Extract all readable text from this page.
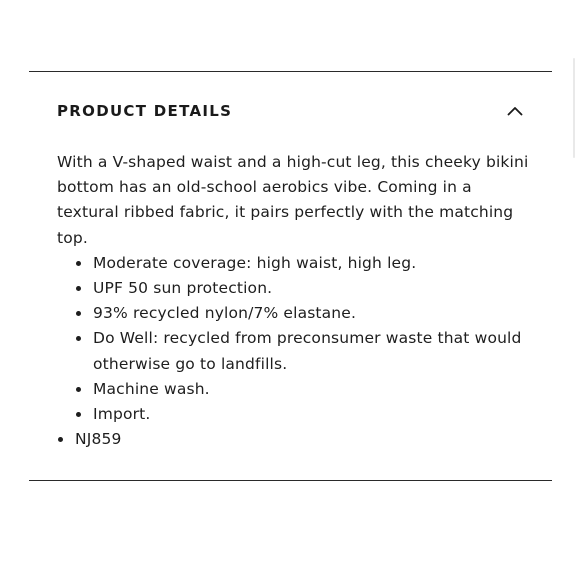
PRODUCT DETAILS

With a V-shaped waist and a high-cut leg, this cheeky bikini bottom has an old-school aerobics vibe. Coming in a textural ribbed fabric, it pairs perfectly with the matching top.

Moderate coverage: high waist, high leg.
UPF 50 sun protection.
93% recycled nylon/7% elastane.
Do Well: recycled from preconsumer waste that would otherwise go to landfills.
Machine wash.
Import.
NJ859
